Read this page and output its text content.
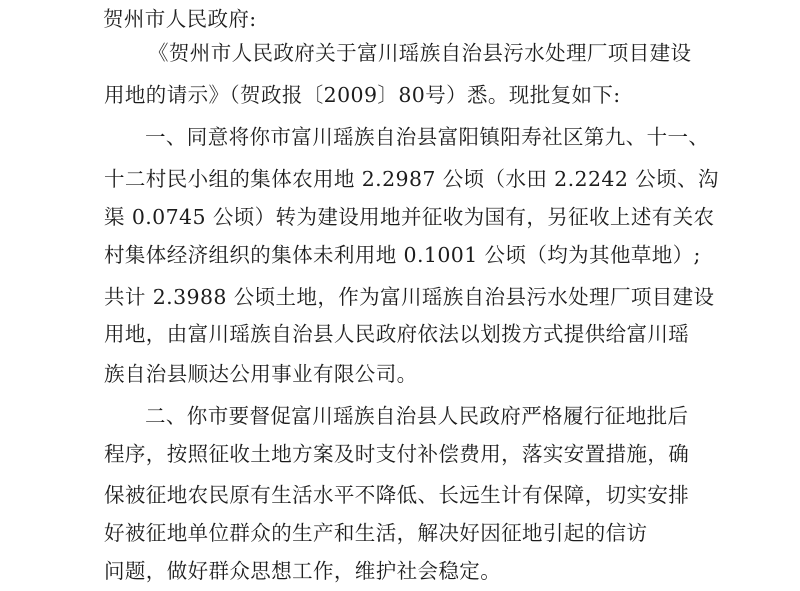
贺州市人民政府:
《贺州市人民政府关于富川瑶族自治县污水处理厂项目建设
用地的请示》（贺政报〔2009〕80号）悉。现批复如下:
一、同意将你市富川瑶族自治县富阳镇阳寿社区第九、十一、
十二村民小组的集体农用地 2.2987 公顷（水田 2.2242 公顷、沟
渠 0.0745 公顷）转为建设用地并征收为国有，另征收上述有关农
村集体经济组织的集体未利用地 0.1001 公顷（均为其他草地）;
共计 2.3988 公顷土地，作为富川瑶族自治县污水处理厂项目建设
用地，由富川瑶族自治县人民政府依法以划拨方式提供给富川瑶
族自治县顺达公用事业有限公司。
二、你市要督促富川瑶族自治县人民政府严格履行征地批后
程序，按照征收土地方案及时支付补偿费用，落实安置措施，确
保被征地农民原有生活水平不降低、长远生计有保障，切实安排
好被征地单位群众的生产和生活，解决好因征地引起的信访
问题，做好群众思想工作，维护社会稳定。
